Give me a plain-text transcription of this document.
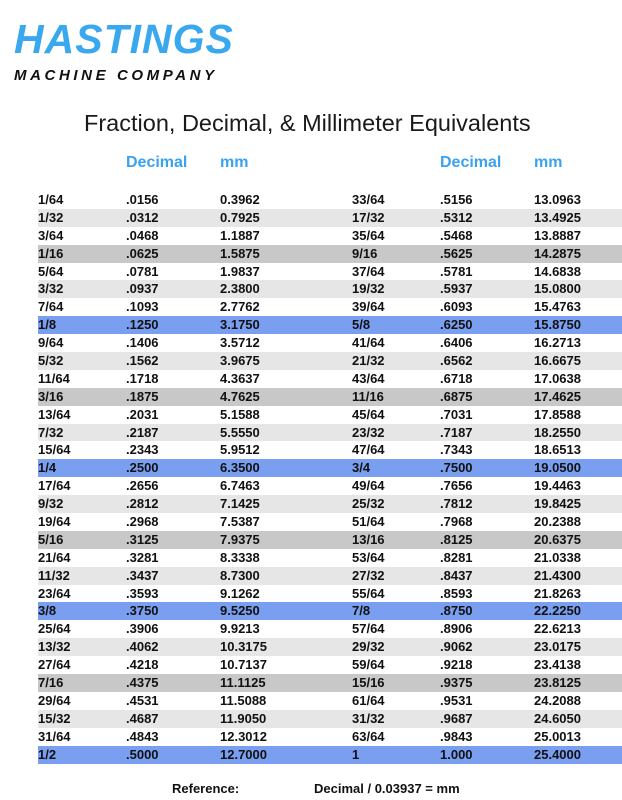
HASTINGS
MACHINE COMPANY
Fraction, Decimal, & Millimeter Equivalents
Decimal mm	Decimal mm
1/64	.0156	0.3962	33/64	.5156	13.0963
1/32	.0312	0.7925	17/32	.5312	13.4925
3/64	.0468	1.1887	35/64	.5468	13.8887
1/16	.0625	1.5875	9/16	.5625	14.2875
5/64	.0781	1.9837	37/64	.5781	14.6838
3/32	.0937	2.3800	19/32	.5937	15.0800
7/64	.1093	2.7762	39/64	.6093	15.4763
1/8	.1250	3.1750	5/8	.6250	15.8750
9/64	.1406	3.5712	41/64	.6406	16.2713
5/32	.1562	3.9675	21/32	.6562	16.6675
11/64	.1718	4.3637	43/64	.6718	17.0638
3/16	.1875	4.7625	11/16	.6875	17.4625
13/64	.2031	5.1588	45/64	.7031	17.8588
7/32	.2187	5.5550	23/32	.7187	18.2550
15/64	.2343	5.9512	47/64	.7343	18.6513
1/4	.2500	6.3500	3/4	.7500	19.0500
17/64	.2656	6.7463	49/64	.7656	19.4463
9/32	.2812	7.1425	25/32	.7812	19.8425
19/64	.2968	7.5387	51/64	.7968	20.2388
5/16	.3125	7.9375	13/16	.8125	20.6375
21/64	.3281	8.3338	53/64	.8281	21.0338
11/32	.3437	8.7300	27/32	.8437	21.4300
23/64	.3593	9.1262	55/64	.8593	21.8263
3/8	.3750	9.5250	7/8	.8750	22.2250
25/64	.3906	9.9213	57/64	.8906	22.6213
13/32	.4062	10.3175	29/32	.9062	23.0175
27/64	.4218	10.7137	59/64	.9218	23.4138
7/16	.4375	11.1125	15/16	.9375	23.8125
29/64	.4531	11.5088	61/64	.9531	24.2088
15/32	.4687	11.9050	31/32	.9687	24.6050
31/64	.4843	12.3012	63/64	.9843	25.0013
1/2	.5000	12.7000	1	1.000	25.4000
Reference:	Decimal / 0.03937 = mm
